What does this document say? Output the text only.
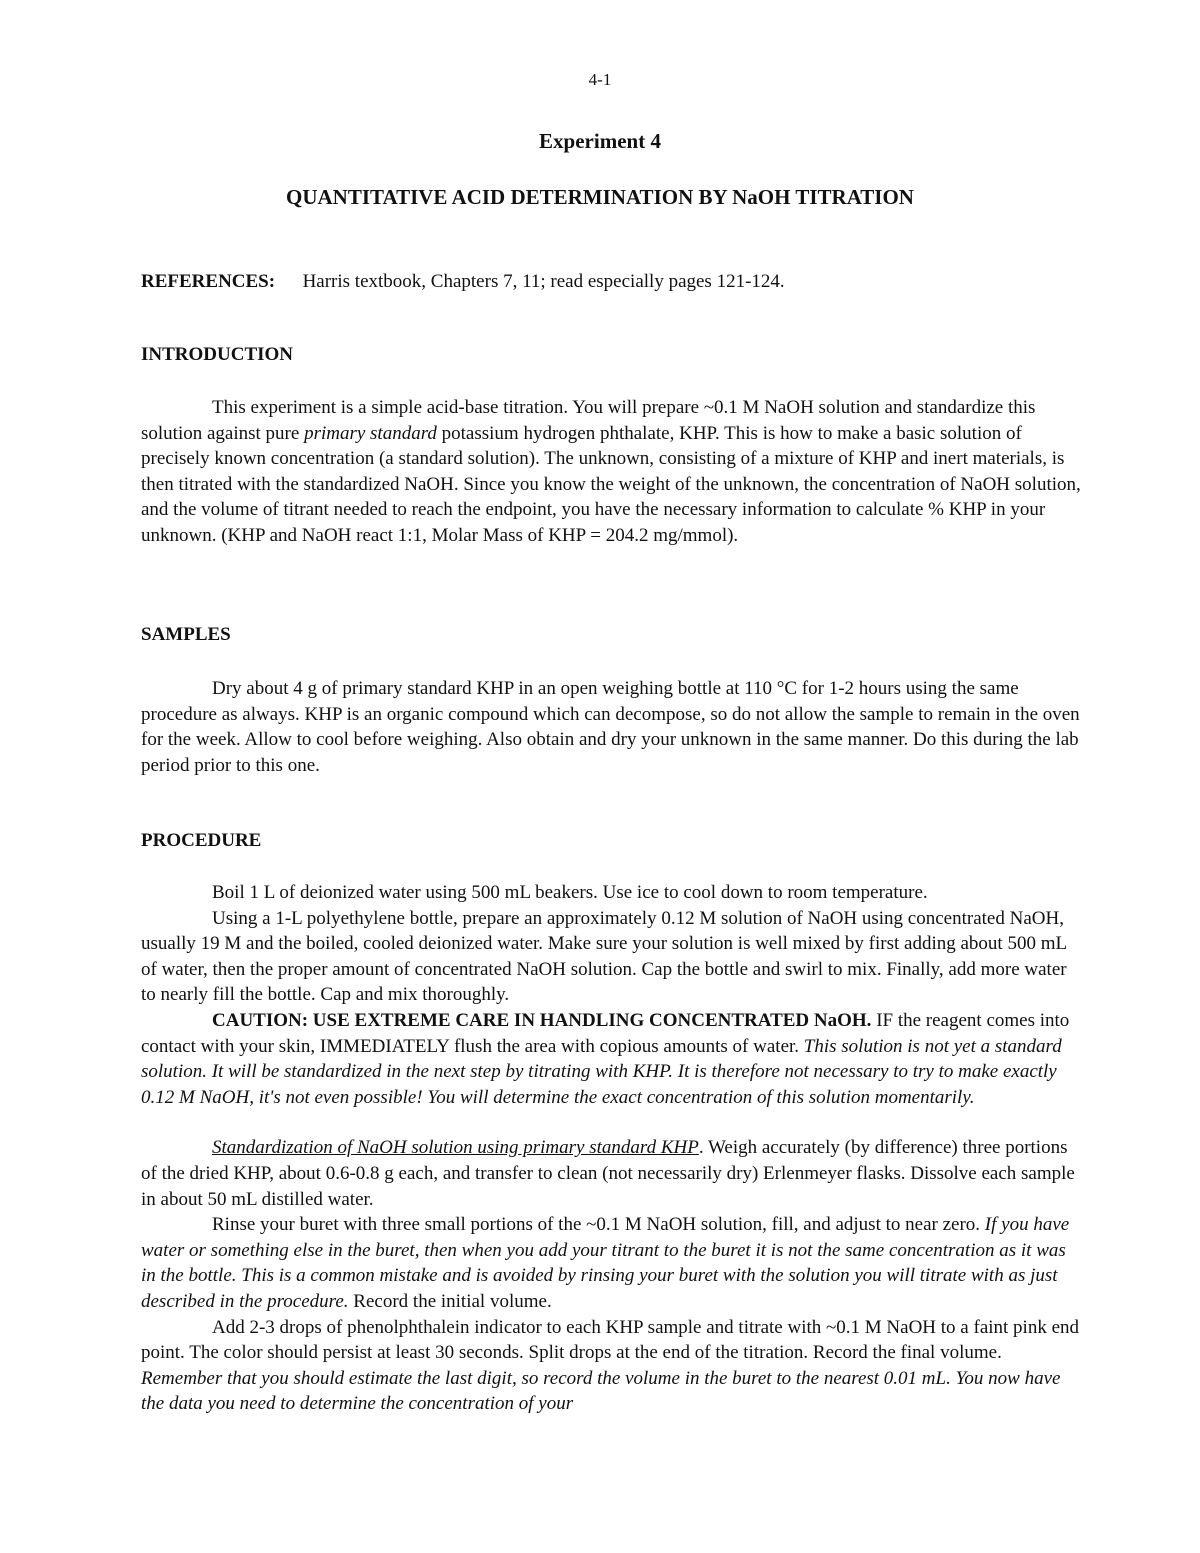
4-1
Experiment 4
QUANTITATIVE ACID DETERMINATION BY NaOH TITRATION
REFERENCES: Harris textbook, Chapters 7, 11; read especially pages 121-124.
INTRODUCTION

This experiment is a simple acid-base titration. You will prepare ~0.1 M NaOH solution and standardize this solution against pure primary standard potassium hydrogen phthalate, KHP. This is how to make a basic solution of precisely known concentration (a standard solution). The unknown, consisting of a mixture of KHP and inert materials, is then titrated with the standardized NaOH. Since you know the weight of the unknown, the concentration of NaOH solution, and the volume of titrant needed to reach the endpoint, you have the necessary information to calculate % KHP in your unknown. (KHP and NaOH react 1:1, Molar Mass of KHP = 204.2 mg/mmol).

SAMPLES

Dry about 4 g of primary standard KHP in an open weighing bottle at 110 °C for 1-2 hours using the same procedure as always. KHP is an organic compound which can decompose, so do not allow the sample to remain in the oven for the week. Allow to cool before weighing. Also obtain and dry your unknown in the same manner. Do this during the lab period prior to this one.

PROCEDURE

Boil 1 L of deionized water using 500 mL beakers. Use ice to cool down to room temperature.

Using a 1-L polyethylene bottle, prepare an approximately 0.12 M solution of NaOH using concentrated NaOH, usually 19 M and the boiled, cooled deionized water. Make sure your solution is well mixed by first adding about 500 mL of water, then the proper amount of concentrated NaOH solution. Cap the bottle and swirl to mix. Finally, add more water to nearly fill the bottle. Cap and mix thoroughly.

CAUTION: USE EXTREME CARE IN HANDLING CONCENTRATED NaOH. IF the reagent comes into contact with your skin, IMMEDIATELY flush the area with copious amounts of water. This solution is not yet a standard solution. It will be standardized in the next step by titrating with KHP. It is therefore not necessary to try to make exactly 0.12 M NaOH, it's not even possible! You will determine the exact concentration of this solution momentarily.

Standardization of NaOH solution using primary standard KHP. Weigh accurately (by difference) three portions of the dried KHP, about 0.6-0.8 g each, and transfer to clean (not necessarily dry) Erlenmeyer flasks. Dissolve each sample in about 50 mL distilled water.

Rinse your buret with three small portions of the ~0.1 M NaOH solution, fill, and adjust to near zero. If you have water or something else in the buret, then when you add your titrant to the buret it is not the same concentration as it was in the bottle. This is a common mistake and is avoided by rinsing your buret with the solution you will titrate with as just described in the procedure. Record the initial volume.

Add 2-3 drops of phenolphthalein indicator to each KHP sample and titrate with ~0.1 M NaOH to a faint pink end point. The color should persist at least 30 seconds. Split drops at the end of the titration. Record the final volume. Remember that you should estimate the last digit, so record the volume in the buret to the nearest 0.01 mL. You now have the data you need to determine the concentration of your
